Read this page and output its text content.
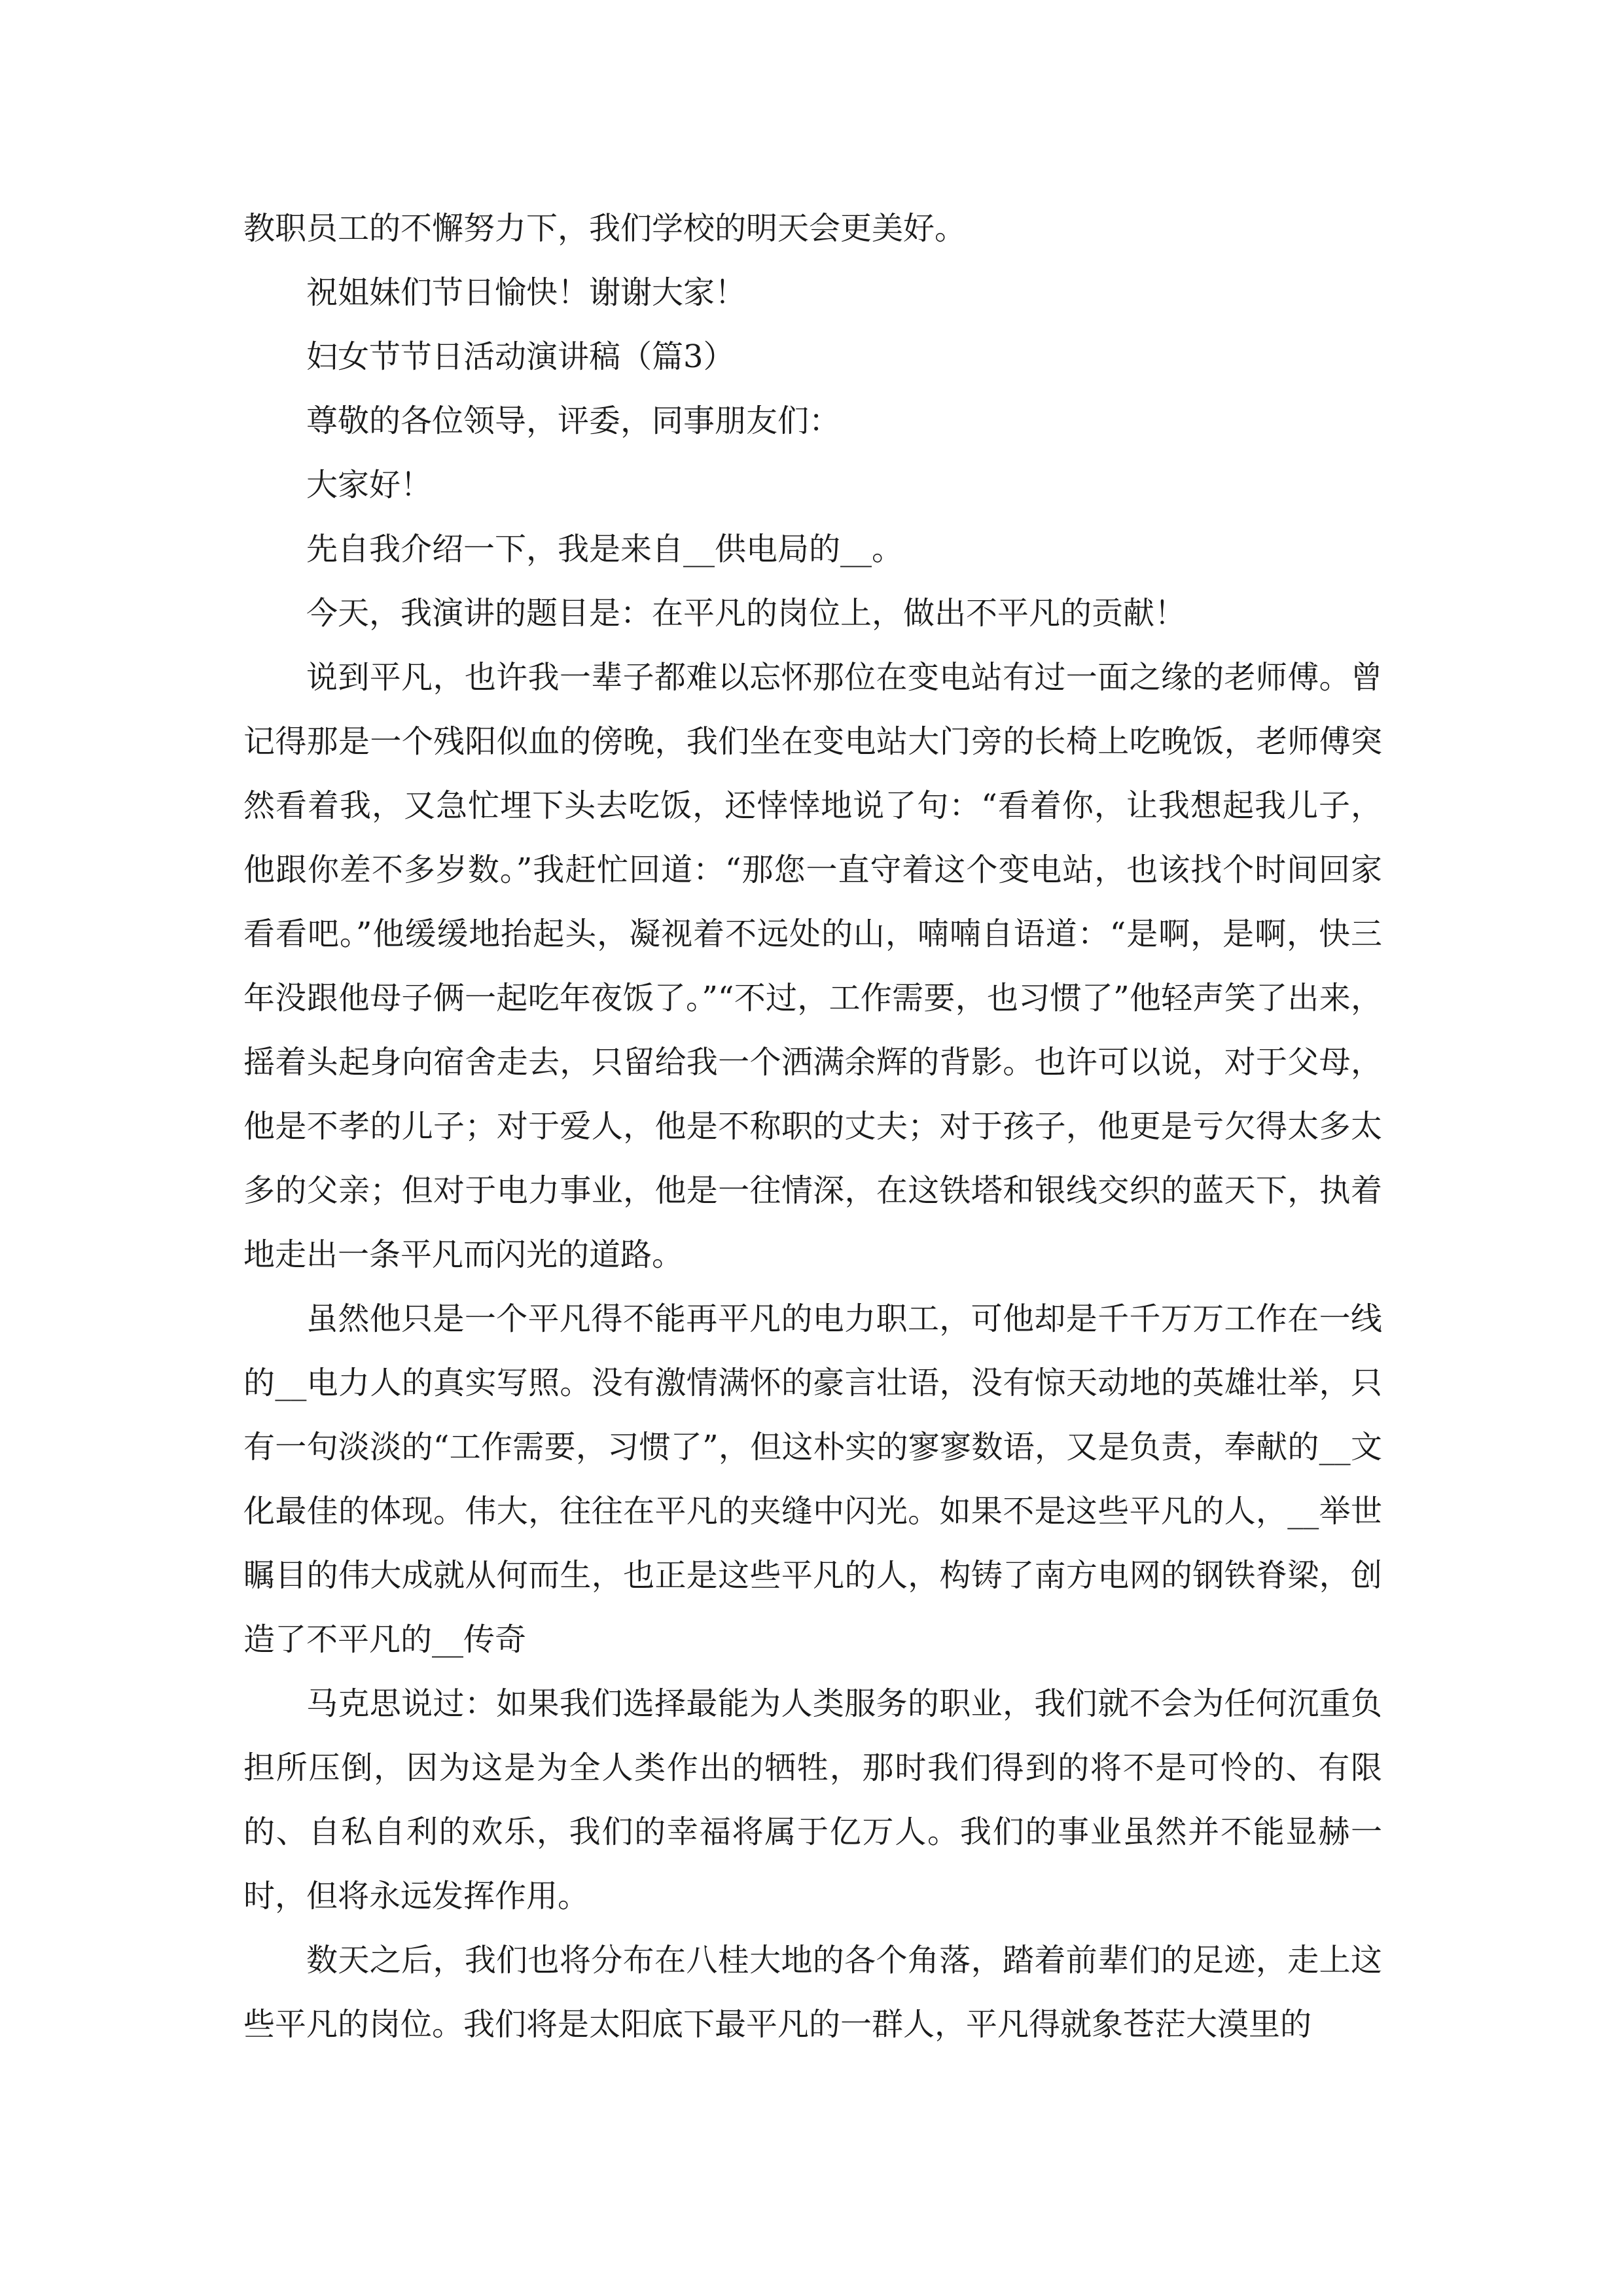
教职员工的不懈努力下，我们学校的明天会更美好。

祝姐妹们节日愉快！谢谢大家！

妇女节节日活动演讲稿（篇3）

尊敬的各位领导，评委，同事朋友们：

大家好！

先自我介绍一下，我是来自__供电局的__。

今天，我演讲的题目是：在平凡的岗位上，做出不平凡的贡献！

说到平凡，也许我一辈子都难以忘怀那位在变电站有过一面之缘的老师傅。曾记得那是一个残阳似血的傍晚，我们坐在变电站大门旁的长椅上吃晚饭，老师傅突然看着我，又急忙埋下头去吃饭，还悻悻地说了句：“看着你，让我想起我儿子，他跟你差不多岁数。”我赶忙回道：“那您一直守着这个变电站，也该找个时间回家看看吧。”他缓缓地抬起头，凝视着不远处的山，喃喃自语道：“是啊，是啊，快三年没跟他母子俩一起吃年夜饭了。”“不过，工作需要，也习惯了”他轻声笑了出来，摇着头起身向宿舍走去，只留给我一个洒满余辉的背影。也许可以说，对于父母，他是不孝的儿子；对于爱人，他是不称职的丈夫；对于孩子，他更是亏欠得太多太多的父亲；但对于电力事业，他是一往情深，在这铁塔和银线交织的蓝天下，执着地走出一条平凡而闪光的道路。

虽然他只是一个平凡得不能再平凡的电力职工，可他却是千千万万工作在一线的__电力人的真实写照。没有激情满怀的豪言壮语，没有惊天动地的英雄壮举，只有一句淡淡的“工作需要，习惯了”，但这朴实的寥寥数语，又是负责，奉献的__文化最佳的体现。伟大，往往在平凡的夹缝中闪光。如果不是这些平凡的人，__举世瞩目的伟大成就从何而生，也正是这些平凡的人，构铸了南方电网的钢铁脊梁，创造了不平凡的__传奇

马克思说过：如果我们选择最能为人类服务的职业，我们就不会为任何沉重负担所压倒，因为这是为全人类作出的牺牲，那时我们得到的将不是可怜的、有限的、自私自利的欢乐，我们的幸福将属于亿万人。我们的事业虽然并不能显赫一时，但将永远发挥作用。

数天之后，我们也将分布在八桂大地的各个角落，踏着前辈们的足迹，走上这些平凡的岗位。我们将是太阳底下最平凡的一群人，平凡得就象苍茫大漠里的
